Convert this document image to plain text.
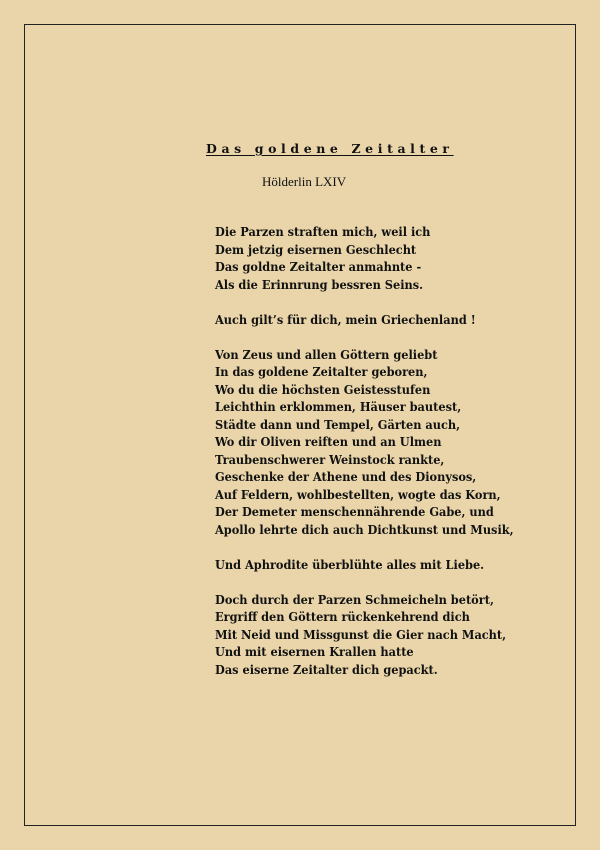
Das goldene Zeitalter

Hölderlin LXIV

Die Parzen straften mich, weil ich
Dem jetzig eisernen Geschlecht
Das goldne Zeitalter anmahnte -
Als die Erinnrung bessren Seins.
Auch gilt’s für dich, mein Griechenland !
Von Zeus und allen Göttern geliebt
In das goldene Zeitalter geboren,
Wo du die höchsten Geistesstufen
Leichthin erklommen, Häuser bautest,
Städte dann und Tempel, Gärten auch,
Wo dir Oliven reiften und an Ulmen
Traubenschwerer Weinstock rankte,
Geschenke der Athene und des Dionysos,
Auf Feldern, wohlbestellten, wogte das Korn,
Der Demeter menschennährende Gabe, und
Apollo lehrte dich auch Dichtkunst und Musik,
Und Aphrodite überblühte alles mit Liebe.
Doch durch der Parzen Schmeicheln betört,
Ergriff den Göttern rückenkehrend dich
Mit Neid und Missgunst die Gier nach Macht,
Und mit eisernen Krallen hatte
Das eiserne Zeitalter dich gepackt.
